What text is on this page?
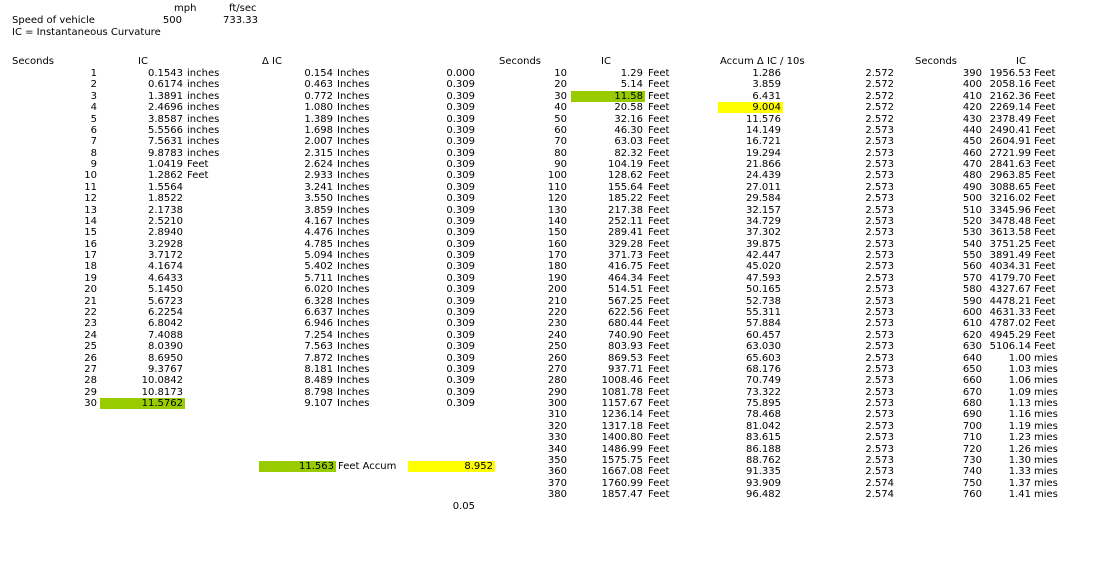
mph	ft/sec
Speed of vehicle	500	733.33
IC = Instantaneous Curvature
Seconds	IC	Δ IC	Seconds	IC	Accum Δ IC / 10s	Seconds	IC
1	0.1543 inches	0.154 Inches	0.000
2	0.6174 inches	0.463 Inches	0.309
3	1.3891 inches	0.772 Inches	0.309
4	2.4696 inches	1.080 Inches	0.309
5	3.8587 inches	1.389 Inches	0.309
6	5.5566 inches	1.698 Inches	0.309
7	7.5631 inches	2.007 Inches	0.309
8	9.8783 inches	2.315 Inches	0.309
9	1.0419 Feet	2.624 Inches	0.309
10	1.2862 Feet	2.933 Inches	0.309
11	1.5564	3.241 Inches	0.309
12	1.8522	3.550 Inches	0.309
13	2.1738	3.859 Inches	0.309
14	2.5210	4.167 Inches	0.309
15	2.8940	4.476 Inches	0.309
16	3.2928	4.785 Inches	0.309
17	3.7172	5.094 Inches	0.309
18	4.1674	5.402 Inches	0.309
19	4.6433	5.711 Inches	0.309
20	5.1450	6.020 Inches	0.309
21	5.6723	6.328 Inches	0.309
22	6.2254	6.637 Inches	0.309
23	6.8042	6.946 Inches	0.309
24	7.4088	7.254 Inches	0.309
25	8.0390	7.563 Inches	0.309
26	8.6950	7.872 Inches	0.309
27	9.3767	8.181 Inches	0.309
28	10.0842	8.489 Inches	0.309
29	10.8173	8.798 Inches	0.309
30	11.5762	9.107 Inches	0.309
10	1.29 Feet	1.286	2.572
20	5.14 Feet	3.859	2.572
30	11.58 Feet	6.431	2.572
40	20.58 Feet	9.004	2.572
50	32.16 Feet	11.576	2.572
60	46.30 Feet	14.149	2.573
70	63.03 Feet	16.721	2.573
80	82.32 Feet	19.294	2.573
90	104.19 Feet	21.866	2.573
100	128.62 Feet	24.439	2.573
110	155.64 Feet	27.011	2.573
120	185.22 Feet	29.584	2.573
130	217.38 Feet	32.157	2.573
140	252.11 Feet	34.729	2.573
150	289.41 Feet	37.302	2.573
160	329.28 Feet	39.875	2.573
170	371.73 Feet	42.447	2.573
180	416.75 Feet	45.020	2.573
190	464.34 Feet	47.593	2.573
200	514.51 Feet	50.165	2.573
210	567.25 Feet	52.738	2.573
220	622.56 Feet	55.311	2.573
230	680.44 Feet	57.884	2.573
240	740.90 Feet	60.457	2.573
250	803.93 Feet	63.030	2.573
260	869.53 Feet	65.603	2.573
270	937.71 Feet	68.176	2.573
280	1008.46 Feet	70.749	2.573
290	1081.78 Feet	73.322	2.573
300	1157.67 Feet	75.895	2.573
310	1236.14 Feet	78.468	2.573
320	1317.18 Feet	81.042	2.573
330	1400.80 Feet	83.615	2.573
340	1486.99 Feet	86.188	2.573
350	1575.75 Feet	88.762	2.573
360	1667.08 Feet	91.335	2.573
370	1760.99 Feet	93.909	2.574
380	1857.47 Feet	96.482	2.574
390 1956.53 Feet
400 2058.16 Feet
410 2162.36 Feet
420 2269.14 Feet
430 2378.49 Feet
440 2490.41 Feet
450 2604.91 Feet
460 2721.99 Feet
470 2841.63 Feet
480 2963.85 Feet
490 3088.65 Feet
500 3216.02 Feet
510 3345.96 Feet
520 3478.48 Feet
530 3613.58 Feet
540 3751.25 Feet
550 3891.49 Feet
560 4034.31 Feet
570 4179.70 Feet
580 4327.67 Feet
590 4478.21 Feet
600 4631.33 Feet
610 4787.02 Feet
620 4945.29 Feet
630 5106.14 Feet
640	1.00 mies
650	1.03 mies
660	1.06 mies
670	1.09 mies
680	1.13 mies
690	1.16 mies
700	1.19 mies
710	1.23 mies
720	1.26 mies
730	1.30 mies
740	1.33 mies
750	1.37 mies
760	1.41 mies
11.563 Feet Accum	8.952
0.05
